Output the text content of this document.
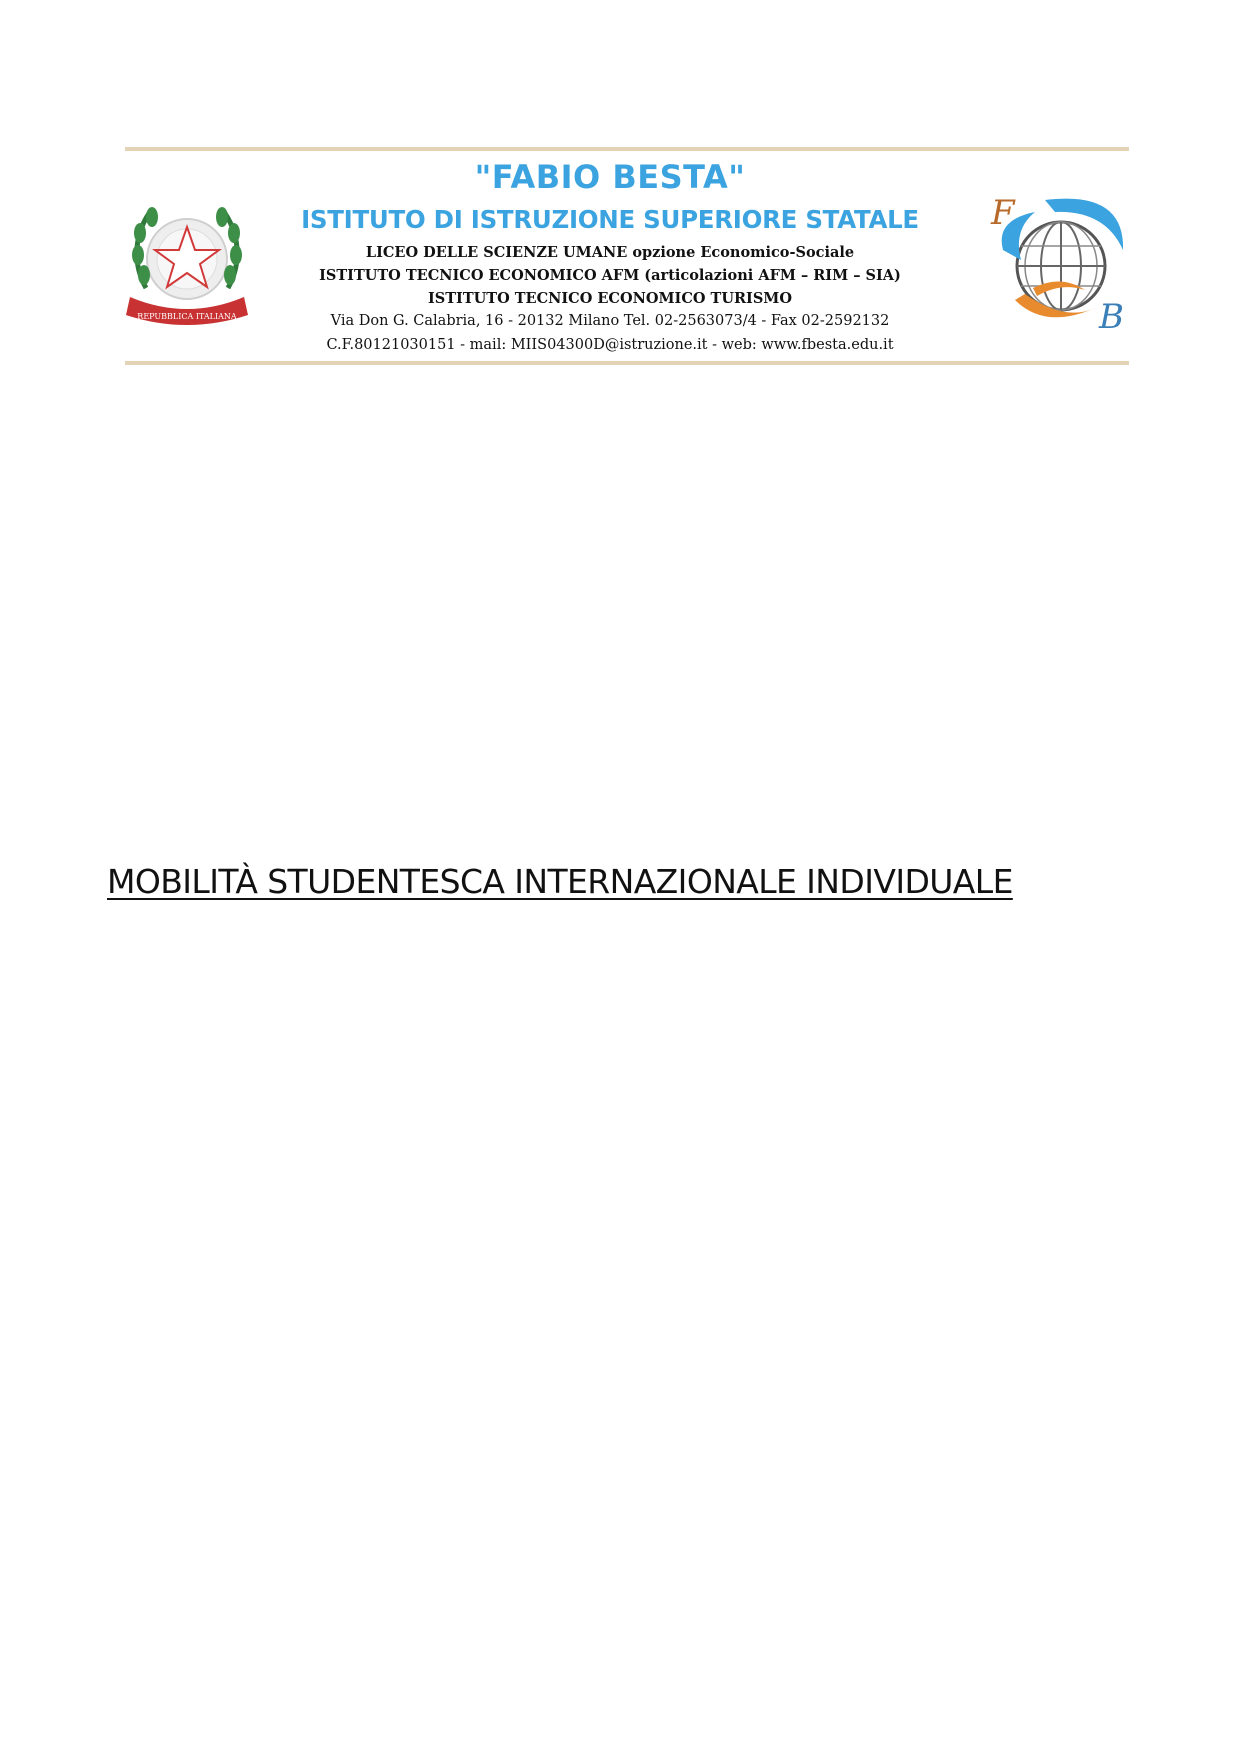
REPUBBLICA ITALIANA
"FABIO BESTA"
ISTITUTO DI ISTRUZIONE SUPERIORE STATALE
LICEO DELLE SCIENZE UMANE opzione Economico-Sociale
ISTITUTO TECNICO ECONOMICO AFM (articolazioni AFM – RIM – SIA)
ISTITUTO TECNICO ECONOMICO TURISMO
Via Don G. Calabria, 16 - 20132 Milano Tel. 02-2563073/4 - Fax 02-2592132
C.F.80121030151 - mail: MIIS04300D@istruzione.it - web: www.fbesta.edu.it
F
B
MOBILITÀ STUDENTESCA INTERNAZIONALE INDIVIDUALE
